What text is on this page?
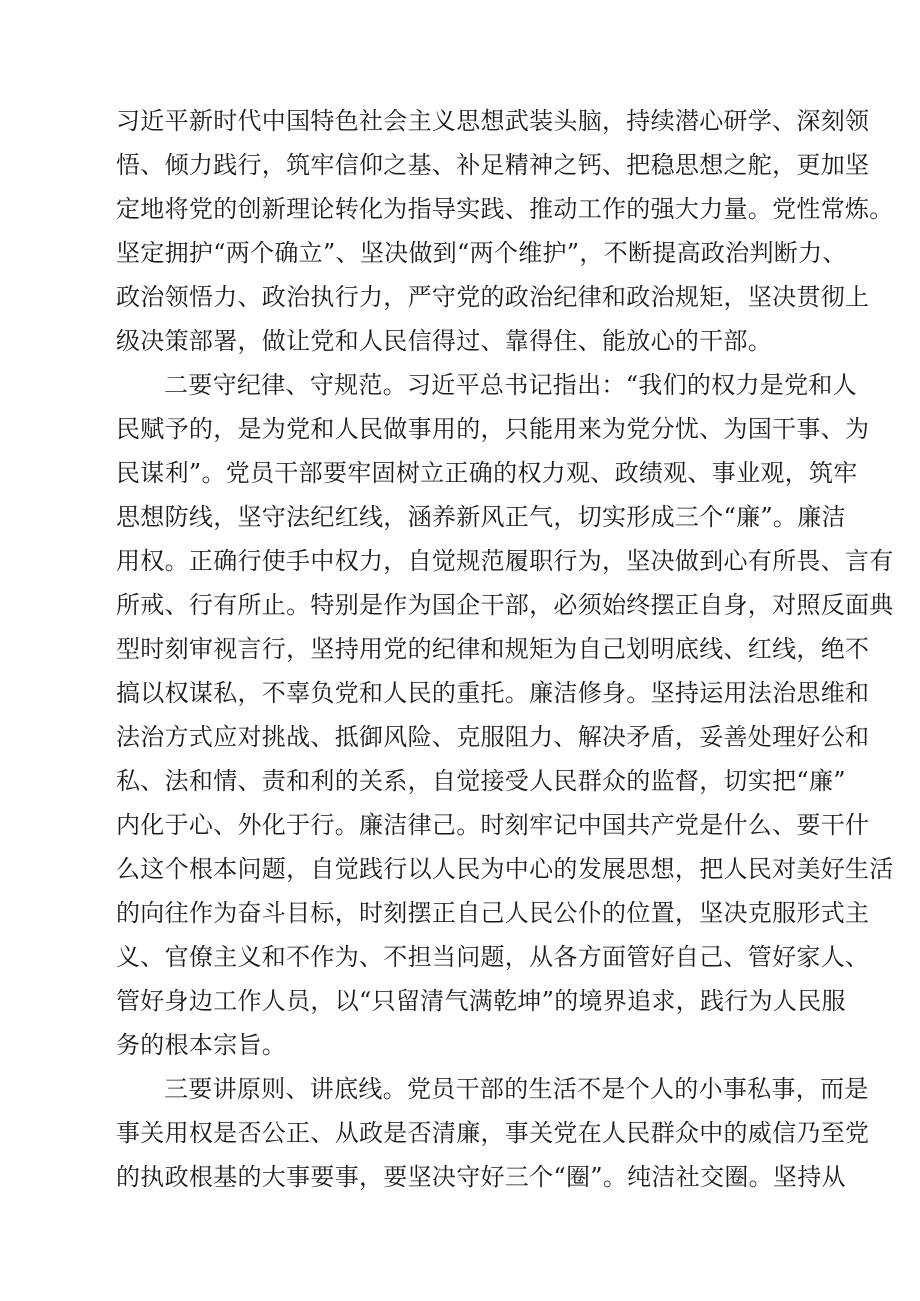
习近平新时代中国特色社会主义思想武装头脑，持续潜心研学、深刻领
悟、倾力践行，筑牢信仰之基、补足精神之钙、把稳思想之舵，更加坚
定地将党的创新理论转化为指导实践、推动工作的强大力量。党性常炼。
坚定拥护“两个确立”、坚决做到“两个维护”，不断提高政治判断力、
政治领悟力、政治执行力，严守党的政治纪律和政治规矩，坚决贯彻上
级决策部署，做让党和人民信得过、靠得住、能放心的干部。
二要守纪律、守规范。习近平总书记指出：“我们的权力是党和人
民赋予的，是为党和人民做事用的，只能用来为党分忧、为国干事、为
民谋利”。党员干部要牢固树立正确的权力观、政绩观、事业观，筑牢
思想防线，坚守法纪红线，涵养新风正气，切实形成三个“廉”。廉洁
用权。正确行使手中权力，自觉规范履职行为，坚决做到心有所畏、言有
所戒、行有所止。特别是作为国企干部，必须始终摆正自身，对照反面典
型时刻审视言行，坚持用党的纪律和规矩为自己划明底线、红线，绝不
搞以权谋私，不辜负党和人民的重托。廉洁修身。坚持运用法治思维和
法治方式应对挑战、抵御风险、克服阻力、解决矛盾，妥善处理好公和
私、法和情、责和利的关系，自觉接受人民群众的监督，切实把“廉”
内化于心、外化于行。廉洁律己。时刻牢记中国共产党是什么、要干什
么这个根本问题，自觉践行以人民为中心的发展思想，把人民对美好生活
的向往作为奋斗目标，时刻摆正自己人民公仆的位置，坚决克服形式主
义、官僚主义和不作为、不担当问题，从各方面管好自己、管好家人、
管好身边工作人员，以“只留清气满乾坤”的境界追求，践行为人民服
务的根本宗旨。
三要讲原则、讲底线。党员干部的生活不是个人的小事私事，而是
事关用权是否公正、从政是否清廉，事关党在人民群众中的威信乃至党
的执政根基的大事要事，要坚决守好三个“圈”。纯洁社交圈。坚持从
